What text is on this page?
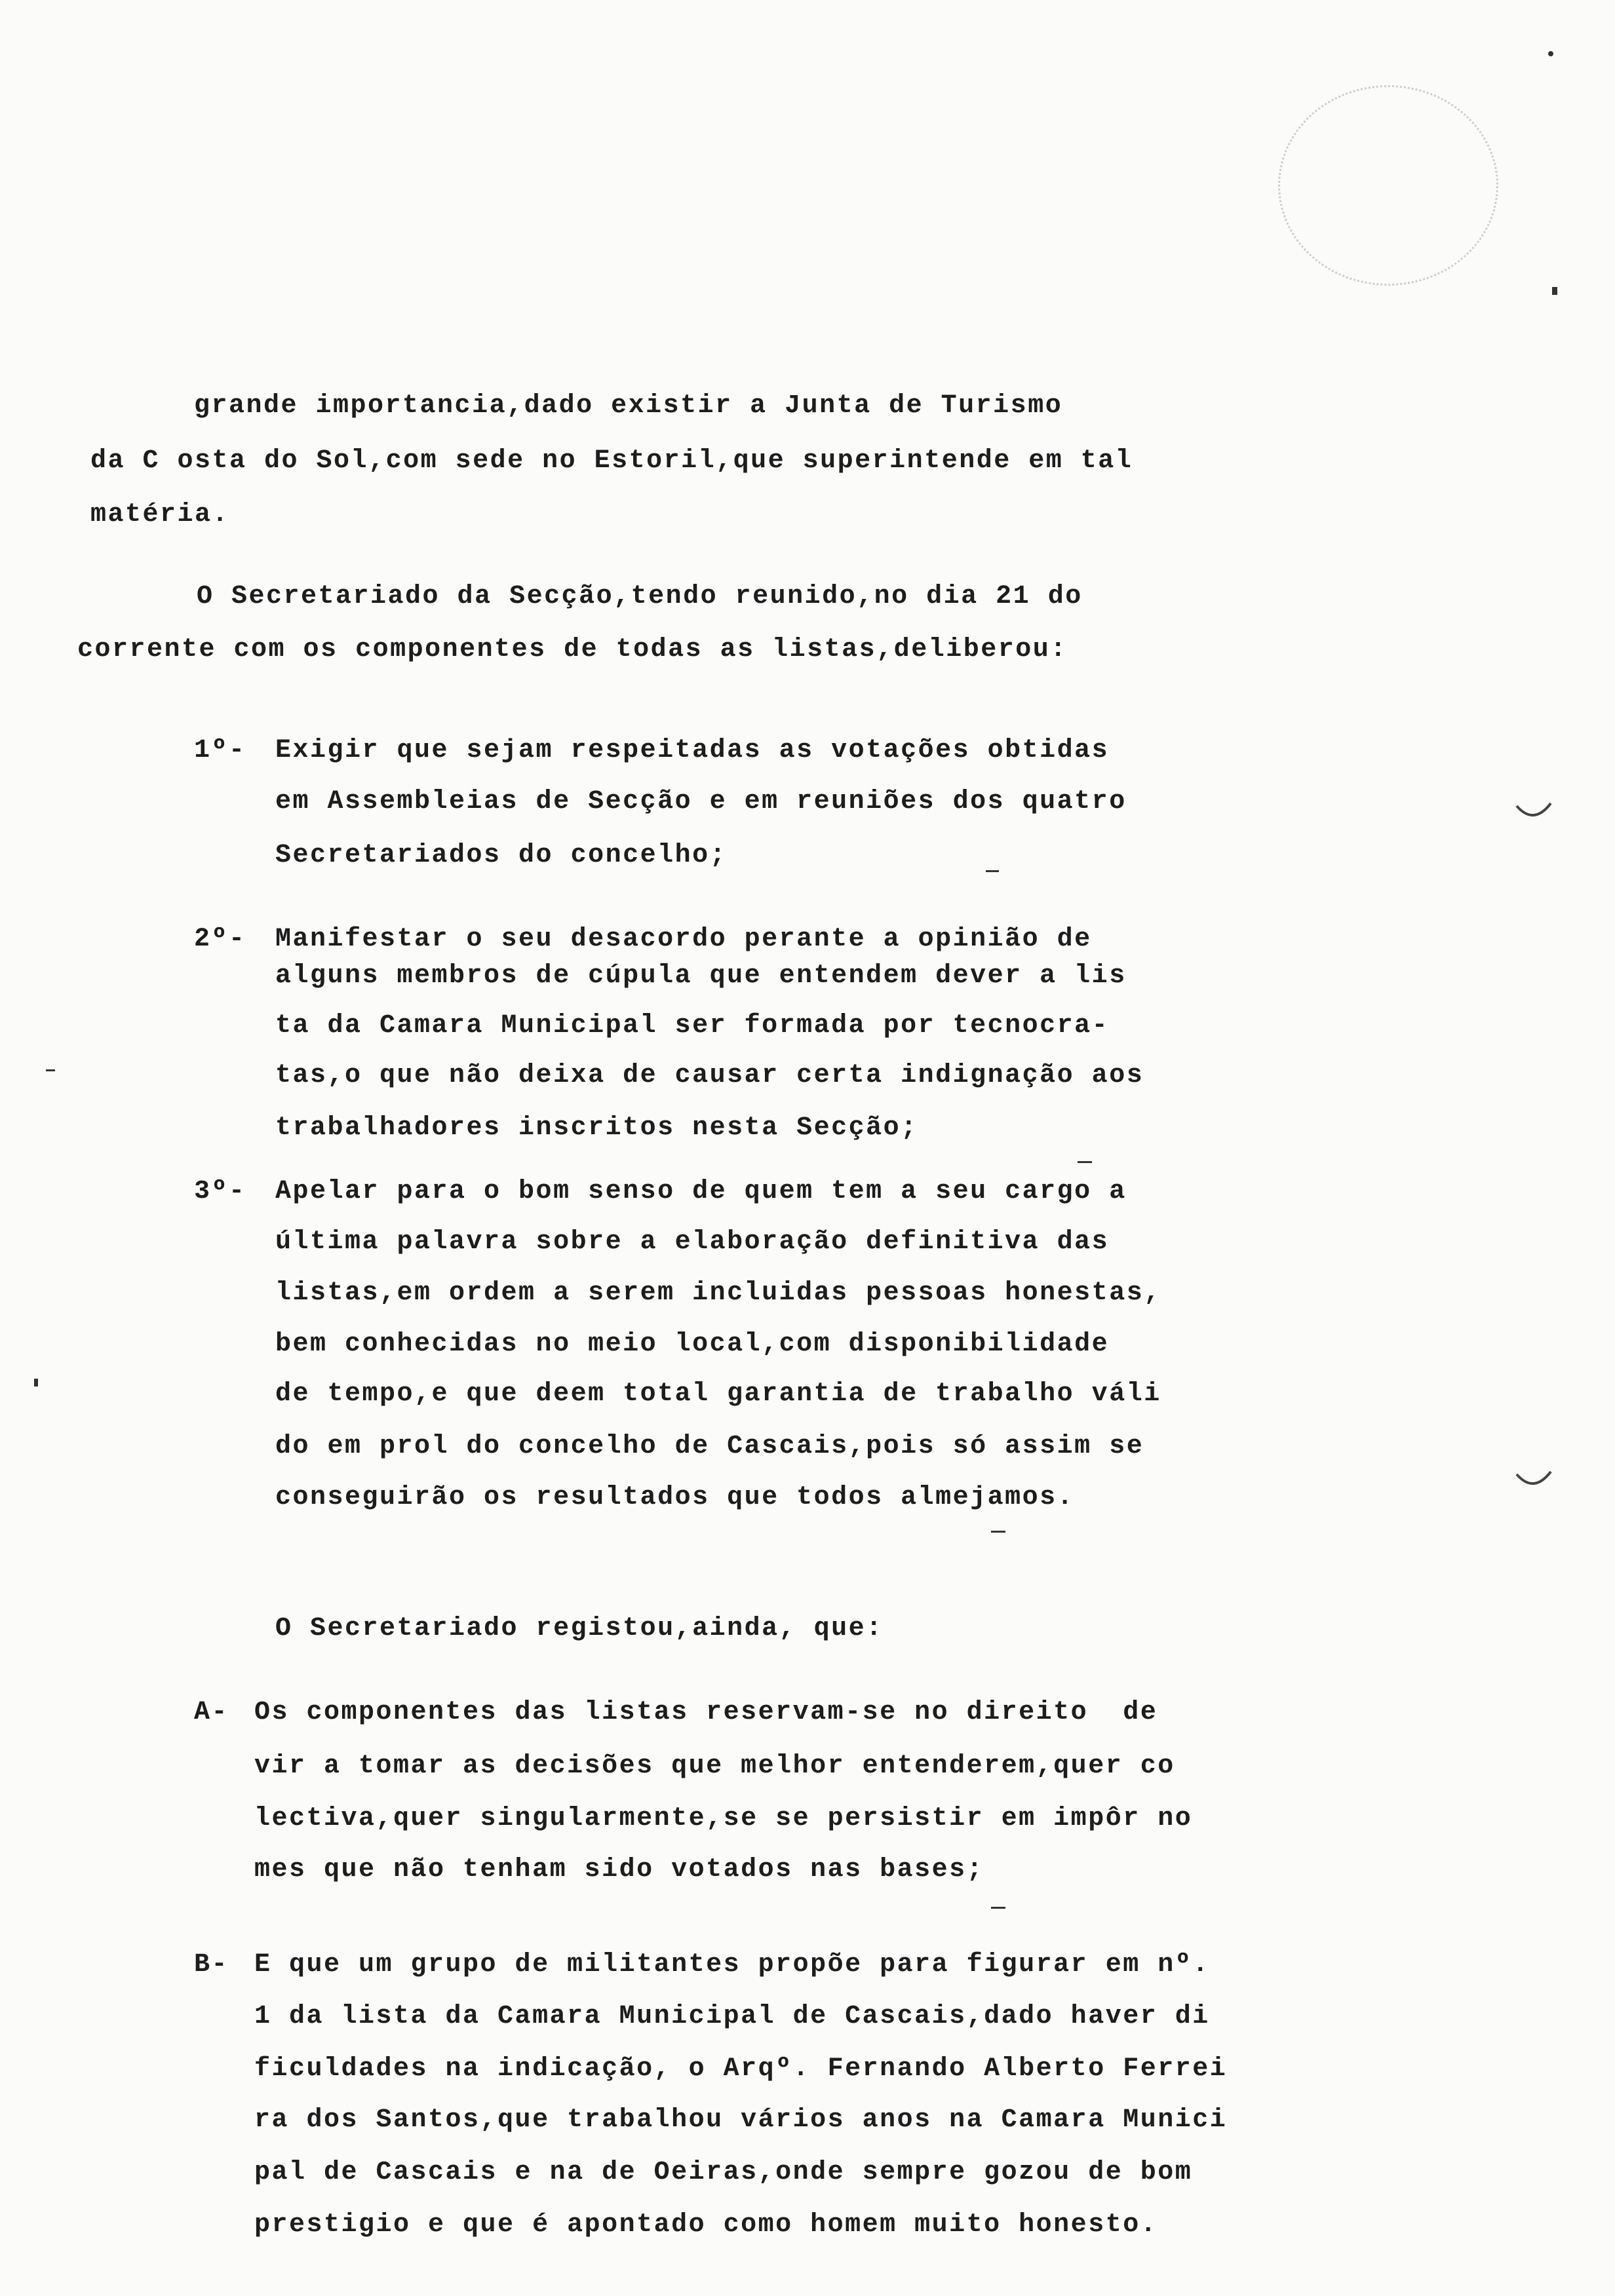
grande importancia,dado existir a Junta de Turismo
da C osta do Sol,com sede no Estoril,que superintende em tal
matéria.
O Secretariado da Secção,tendo reunido,no dia 21 do
corrente com os componentes de todas as listas,deliberou:
1º- Exigir que sejam respeitadas as votações obtidas
em Assembleias de Secção e em reuniões dos quatro
Secretariados do concelho;
2º- Manifestar o seu desacordo perante a opinião de
alguns membros de cúpula que entendem dever a lis
ta da Camara Municipal ser formada por tecnocra-
tas,o que não deixa de causar certa indignação aos
trabalhadores inscritos nesta Secção;
3º- Apelar para o bom senso de quem tem a seu cargo a
última palavra sobre a elaboração definitiva das
listas,em ordem a serem incluidas pessoas honestas,
bem conhecidas no meio local,com disponibilidade
de tempo,e que deem total garantia de trabalho váli
do em prol do concelho de Cascais,pois só assim se
conseguirão os resultados que todos almejamos.
O Secretariado registou,ainda, que:
A- Os componentes das listas reservam-se no direito  de
vir a tomar as decisões que melhor entenderem,quer co
lectiva,quer singularmente,se se persistir em impôr no
mes que não tenham sido votados nas bases;
B- E que um grupo de militantes propõe para figurar em nº.
1 da lista da Camara Municipal de Cascais,dado haver di
ficuldades na indicação, o Arqº. Fernando Alberto Ferrei
ra dos Santos,que trabalhou vários anos na Camara Munici
pal de Cascais e na de Oeiras,onde sempre gozou de bom
prestigio e que é apontado como homem muito honesto.
